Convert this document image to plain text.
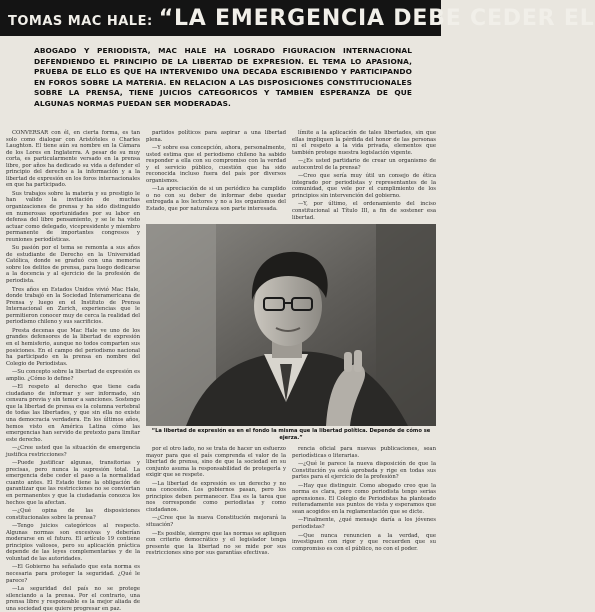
TOMAS MAC HALE: “LA EMERGENCIA DEBE CEDER EL
ABOGADO Y PERIODISTA, MAC HALE HA LOGRADO FIGURACION INTERNACIONAL DEFENDIENDO EL PRINCIPIO DE LA LIBERTAD DE EXPRESION. EL TEMA LO APASIONA, PRUEBA DE ELLO ES QUE HA INTERVENIDO UNA DECADA ESCRIBIENDO Y PARTICIPANDO EN FOROS SOBRE LA MATERIA. EN RELACION A LAS DISPOSICIONES CONSTITUCIONALES SOBRE LA PRENSA, TIENE JUICIOS CATEGORICOS Y TAMBIEN ESPERANZA DE QUE ALGUNAS NORMAS PUEDAN SER MODERADAS.

CONVERSAR con él, en cierta forma, es tan solo como dialogar con Aristóteles o Charles Laughton. El tiene aún su nombre en la Cámara de los Lores en Inglaterra. A pesar de su muy corta, es particularmente versado en la prensa libre, por años ha dedicado su vida a defender el principio del derecho a la información y a la libertad de expresión en los foros internacionales en que ha participado.

Sus trabajos sobre la materia y su prestigio le han valido la invitación de muchas organizaciones de prensa y ha sido distinguido en numerosas oportunidades por su labor en defensa del libre pensamiento, y se le ha visto actuar como delegado, vicepresidente y miembro permanente de importantes congresos y reuniones periodísticas.

Su pasión por el tema se remonta a sus años de estudiante de Derecho en la Universidad Católica, donde se graduó con una memoria sobre los delitos de prensa, para luego dedicarse a la docencia y al ejercicio de la profesión de periodista.

Tres años en Estados Unidos vivió Mac Hale, donde trabajó en la Sociedad Interamericana de Prensa y luego en el Instituto de Prensa Internacional en Zurich, experiencias que le permitieron conocer muy de cerca la realidad del periodismo chileno y sus sacrificios.

Presta decenas que Mac Hale ve uno de los grandes defensores de la libertad de expresión en el hemisferio, aunque no todos comparten sus posiciones. En el campo del periodismo nacional ha participado en la prensa en nombre del Colegio de Periodistas.

—Su concepto sobre la libertad de expresión es amplio. ¿Cómo lo define?

—El respeto al derecho que tiene cada ciudadano de informar y ser informado, sin censura previa y sin temor a sanciones. Sostengo que la libertad de prensa es la columna vertebral de todas las libertades, y que sin ella no existe una democracia verdadera. En los últimos años, hemos visto en América Latina cómo las emergencias han servido de pretexto para limitar este derecho.

—¿Cree usted que la situación de emergencia justifica restricciones?

—Puede justificar algunas, transitorias y precisas, pero nunca la supresión total. La emergencia debe ceder el paso a la normalidad cuanto antes. El Estado tiene la obligación de garantizar que las restricciones no se conviertan en permanentes y que la ciudadanía conozca los hechos que la afectan.

—¿Qué opina de las disposiciones constitucionales sobre la prensa?

—Tengo juicios categóricos al respecto. Algunas normas son excesivas y deberían moderarse en el futuro. El artículo 19 contiene principios valiosos, pero su aplicación práctica depende de las leyes complementarias y de la voluntad de las autoridades.

—El Gobierno ha señalado que esta norma es necesaria para proteger la seguridad. ¿Qué le parece?

—La seguridad del país no se protege silenciando a la prensa. Por el contrario, una prensa libre y responsable es la mejor aliada de una sociedad que quiere progresar en paz.

partidos políticos para aspirar a una libertad plena.

—Y sobre esa concepción, ahora, personalmente, usted estima que el periodismo chileno ha sabido responder a ella con su compromiso con la verdad y el servicio público, cuestión que ha sido reconocida incluso fuera del país por diversos organismos.

—La apreciación de si un periódico ha cumplido o no con su deber de informar debe quedar entregada a los lectores y no a los organismos del Estado, que por naturaleza son parte interesada.

límite a la aplicación de tales libertades, sin que ellas impliquen la pérdida del honor de las personas ni el respeto a la vida privada, elementos que también protege nuestra legislación vigente.

—¿Es usted partidario de crear un organismo de autocontrol de la prensa?

—Creo que sería muy útil un consejo de ética integrado por periodistas y representantes de la comunidad, que vele por el cumplimiento de los principios sin intervención del gobierno.

—Y, por último, el ordenamiento del inciso constitucional al Título III, a fin de sostener esa libertad.

“La libertad de expresión es en el fondo la misma que la libertad política. Depende de cómo se ejerza.”

por el otro lado, no se trata de hacer un esfuerzo mayor para que el país comprenda el valor de la libertad de prensa, sino de que la sociedad en su conjunto asuma la responsabilidad de protegerla y exigir que se respete.

—La libertad de expresión es un derecho y no una concesión. Los gobiernos pasan, pero los principios deben permanecer. Esa es la tarea que nos corresponde como periodistas y como ciudadanos.

—¿Cree que la nueva Constitución mejorará la situación?

—Es posible, siempre que las normas se apliquen con criterio democrático y el legislador tenga presente que la libertad no se mide por sus restricciones sino por sus garantías efectivas.

rencia oficial para nuevas publicaciones, sean periodísticas o literarias.

—¿Qué le parece la nueva disposición de que la Constitución ya está aprobada y rige en todas sus partes para el ejercicio de la profesión?

—Hay que distinguir. Como abogado creo que la norma es clara, pero como periodista tengo serias aprensiones. El Colegio de Periodistas ha planteado reiteradamente sus puntos de vista y esperamos que sean acogidos en la reglamentación que se dicte.

—Finalmente, ¿qué mensaje daría a los jóvenes periodistas?

—Que nunca renuncien a la verdad, que investiguen con rigor y que recuerden que su compromiso es con el público, no con el poder.
